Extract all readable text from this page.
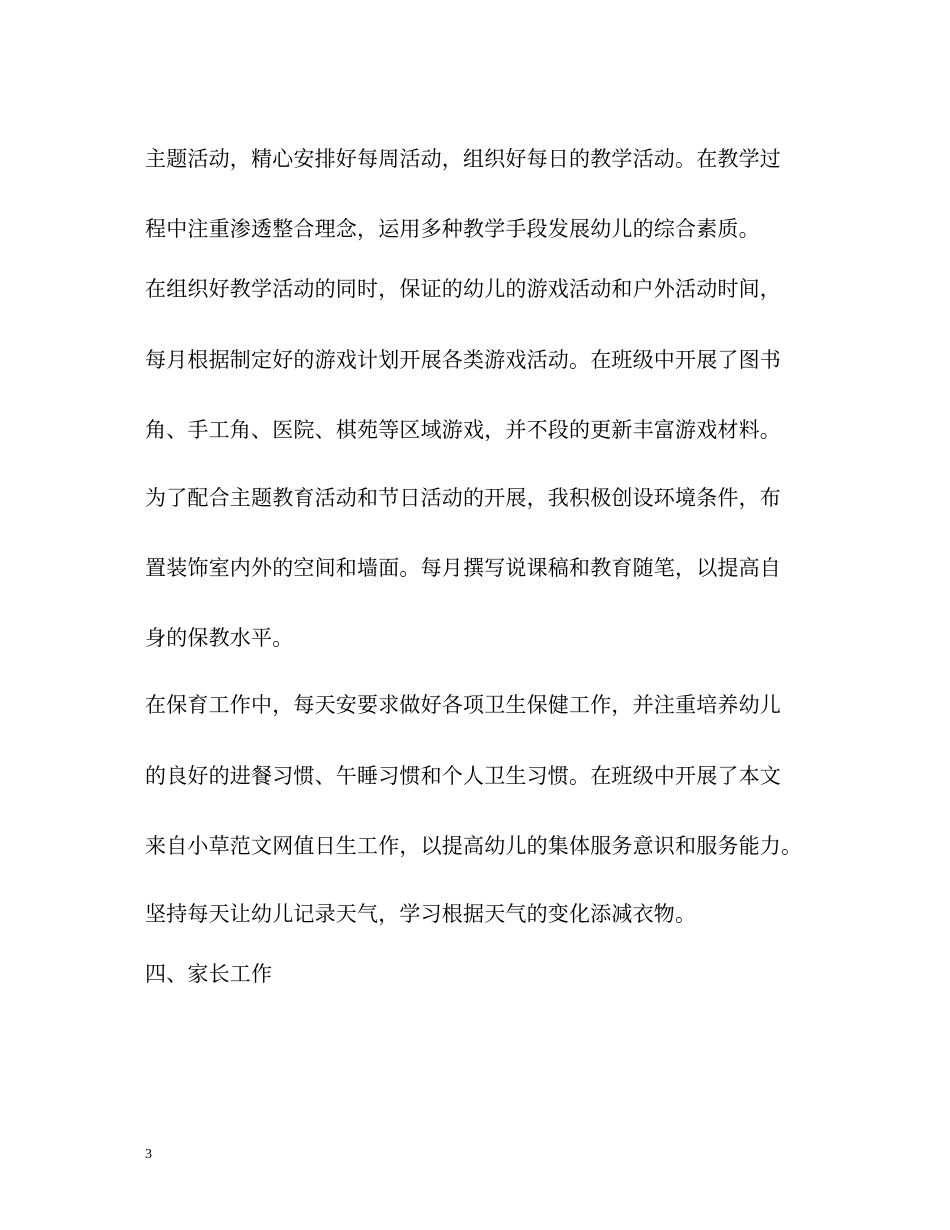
主题活动，精心安排好每周活动，组织好每日的教学活动。在教学过
程中注重渗透整合理念，运用多种教学手段发展幼儿的综合素质。
在组织好教学活动的同时，保证的幼儿的游戏活动和户外活动时间，
每月根据制定好的游戏计划开展各类游戏活动。在班级中开展了图书
角、手工角、医院、棋苑等区域游戏，并不段的更新丰富游戏材料。
为了配合主题教育活动和节日活动的开展，我积极创设环境条件，布
置装饰室内外的空间和墙面。每月撰写说课稿和教育随笔，以提高自
身的保教水平。
在保育工作中，每天安要求做好各项卫生保健工作，并注重培养幼儿
的良好的进餐习惯、午睡习惯和个人卫生习惯。在班级中开展了本文
来自小草范文网值日生工作，以提高幼儿的集体服务意识和服务能力。
坚持每天让幼儿记录天气，学习根据天气的变化添减衣物。
四、家长工作
3
